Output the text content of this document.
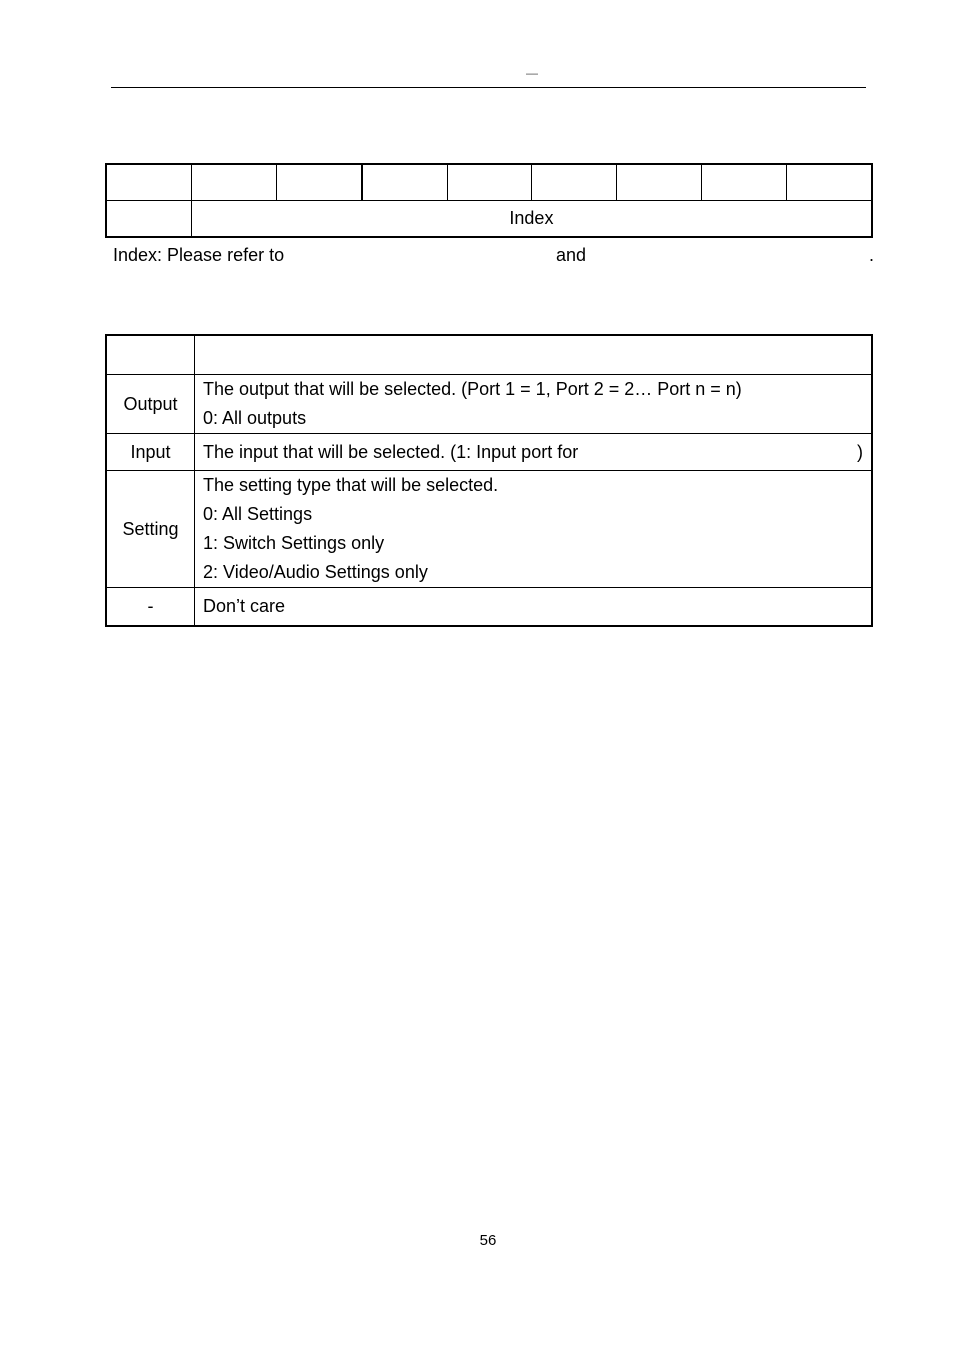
—

	Index							
Index: Please refer to	and	.

Output	The output that will be selected. (Port 1 = 1, Port 2 = 2… Port n = n)
0: All outputs

Input	The input that will be selected. (1: Input port for )

Setting	The setting type that will be selected.
0: All Settings
1: Switch Settings only
2: Video/Audio Settings only

-	Don’t care
56
